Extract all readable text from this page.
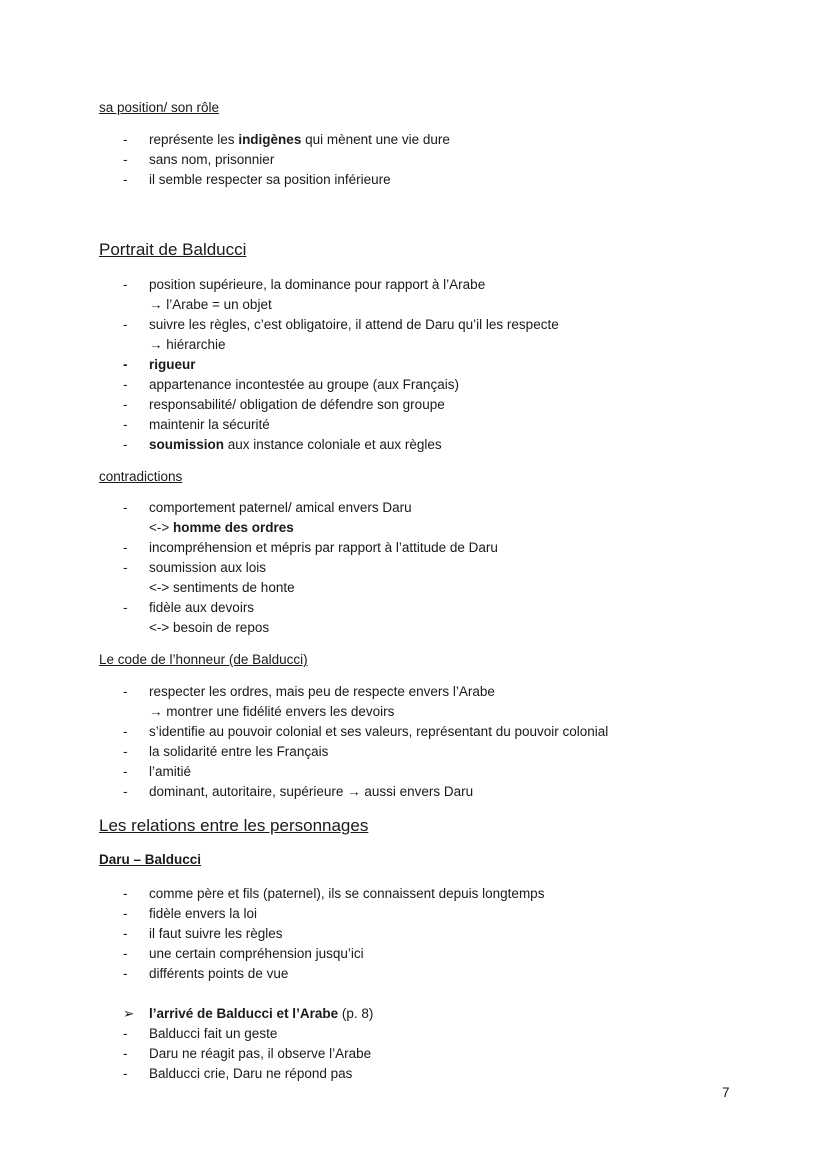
sa position/ son rôle
- représente les indigènes qui mènent une vie dure
- sans nom, prisonnier
- il semble respecter sa position inférieure
Portrait de Balducci
- position supérieure, la dominance pour rapport à l’Arabe
→ l’Arabe = un objet
- suivre les règles, c’est obligatoire, il attend de Daru qu’il les respecte
→ hiérarchie
- rigueur
- appartenance incontestée au groupe (aux Français)
- responsabilité/ obligation de défendre son groupe
- maintenir la sécurité
- soumission aux instance coloniale et aux règles
contradictions
- comportement paternel/ amical envers Daru
<-> homme des ordres
- incompréhension et mépris par rapport à l’attitude de Daru
- soumission aux lois
<-> sentiments de honte
- fidèle aux devoirs
<-> besoin de repos
Le code de l’honneur (de Balducci)
- respecter les ordres, mais peu de respecte envers l’Arabe
→ montrer une fidélité envers les devoirs
- s’identifie au pouvoir colonial et ses valeurs, représentant du pouvoir colonial
- la solidarité entre les Français
- l’amitié
- dominant, autoritaire, supérieure → aussi envers Daru
Les relations entre les personnages
Daru – Balducci
- comme père et fils (paternel), ils se connaissent depuis longtemps
- fidèle envers la loi
- il faut suivre les règles
- une certain compréhension jusqu’ici
- différents points de vue
➢ l’arrivé de Balducci et l’Arabe (p. 8)
- Balducci fait un geste
- Daru ne réagit pas, il observe l’Arabe
- Balducci crie, Daru ne répond pas
7
